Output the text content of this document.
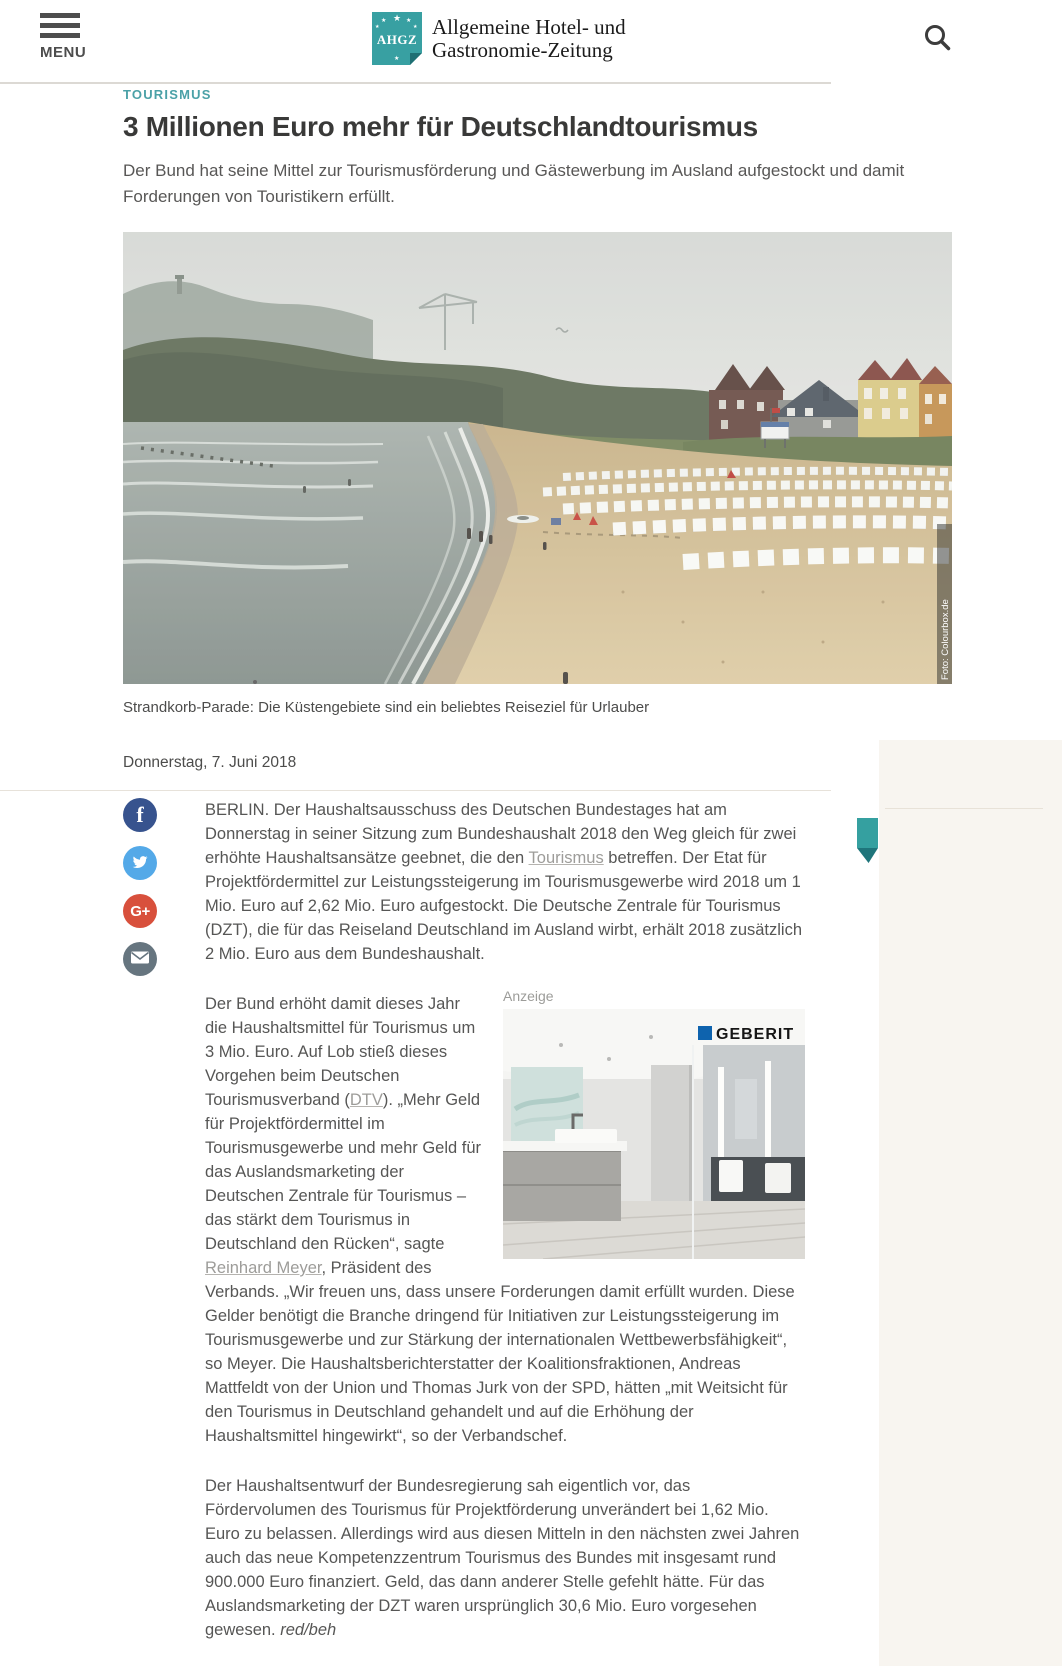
MENU
★
★	★
★	★
★
AHGZ
Allgemeine Hotel- und
Gastronomie-Zeitung
TOURISMUS
3 Millionen Euro mehr für Deutschlandtourismus

Der Bund hat seine Mittel zur Tourismusförderung und Gästewerbung im Ausland aufgestockt und damit Forderungen von Touristikern erfüllt.

Foto: Colourbox.de
Strandkorb-Parade: Die Küstengebiete sind ein beliebtes Reiseziel für Urlauber
Donnerstag, 7. Juni 2018
f
G+

BERLIN. Der Haushaltsausschuss des Deutschen Bundestages hat am Donnerstag in seiner Sitzung zum Bundeshaushalt 2018 den Weg gleich für zwei erhöhte Haushaltsansätze geebnet, die den Tourismus betreffen. Der Etat für Projektfördermittel zur Leistungssteigerung im Tourismusgewerbe wird 2018 um 1 Mio. Euro auf 2,62 Mio. Euro aufgestockt. Die Deutsche Zentrale für Tourismus (DZT), die für das Reiseland Deutschland im Ausland wirbt, erhält 2018 zusätzlich 2 Mio. Euro aus dem Bundeshaushalt.

Anzeige
GEBERIT

Der Bund erhöht damit dieses Jahr die Haushaltsmittel für Tourismus um 3 Mio. Euro. Auf Lob stieß dieses Vorgehen beim Deutschen Tourismusverband (DTV). „Mehr Geld für Projektfördermittel im Tourismusgewerbe und mehr Geld für das Auslandsmarketing der Deutschen Zentrale für Tourismus – das stärkt dem Tourismus in Deutschland den Rücken“, sagte Reinhard Meyer, Präsident des Verbands. „Wir freuen uns, dass unsere Forderungen damit erfüllt wurden. Diese Gelder benötigt die Branche dringend für Initiativen zur Leistungssteigerung im Tourismusgewerbe und zur Stärkung der internationalen Wettbewerbsfähigkeit“, so Meyer. Die Haushaltsberichterstatter der Koalitionsfraktionen, Andreas Mattfeldt von der Union und Thomas Jurk von der SPD, hätten „mit Weitsicht für den Tourismus in Deutschland gehandelt und auf die Erhöhung der Haushaltsmittel hingewirkt“, so der Verbandschef.

Der Haushaltsentwurf der Bundesregierung sah eigentlich vor, das Fördervolumen des Tourismus für Projektförderung unverändert bei 1,62 Mio. Euro zu belassen. Allerdings wird aus diesen Mitteln in den nächsten zwei Jahren auch das neue Kompetenzzentrum Tourismus des Bundes mit insgesamt rund 900.000 Euro finanziert. Geld, das dann anderer Stelle gefehlt hätte. Für das Auslandsmarketing der DZT waren ursprünglich 30,6 Mio. Euro vorgesehen gewesen. red/beh
